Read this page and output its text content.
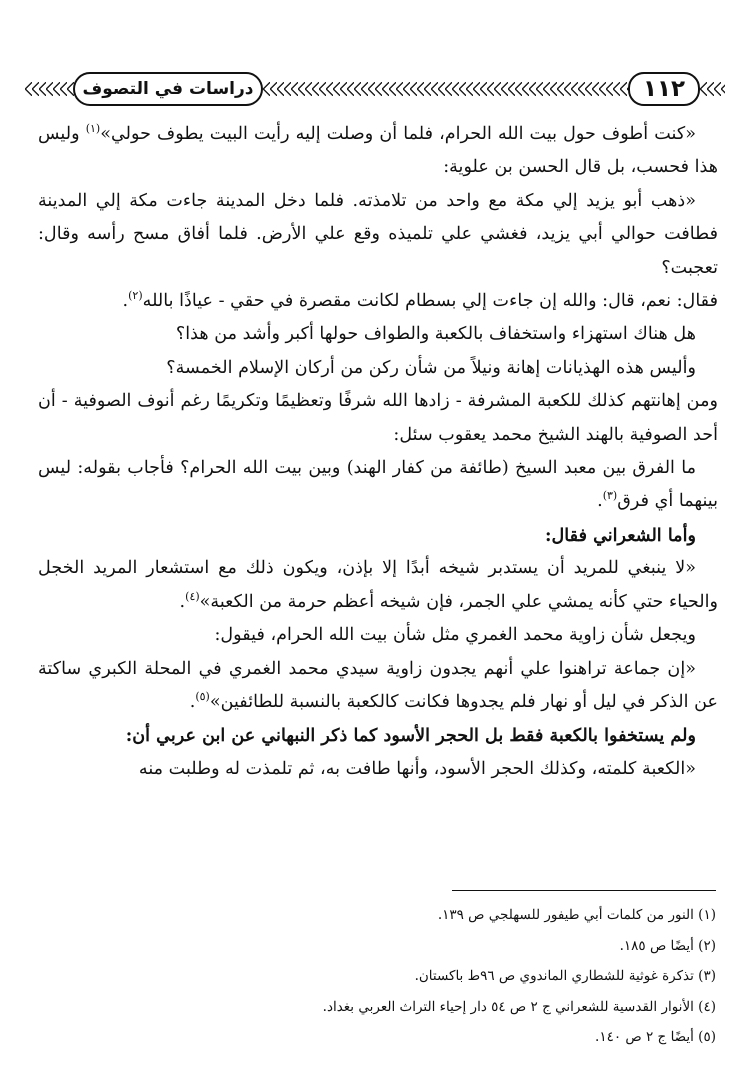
دراسات في التصوف	١١٢

«كنت أطوف حول بيت الله الحرام، فلما أن وصلت إليه رأيت البيت يطوف حولي»$^{(١)}$ وليس هذا فحسب، بل قال الحسن بن علوية:

«ذهب أبو يزيد إلي مكة مع واحد من تلامذته. فلما دخل المدينة جاءت مكة إلي المدينة فطافت حوالي أبي يزيد، فغشي علي تلميذه وقع علي الأرض. فلما أفاق مسح رأسه وقال: تعجبت؟

فقال: نعم، قال: والله إن جاءت إلي بسطام لكانت مقصرة في حقي - عياذًا بالله$^{(٢)}$.

هل هناك استهزاء واستخفاف بالكعبة والطواف حولها أكبر وأشد من هذا؟

وأليس هذه الهذيانات إهانة ونيلاً من شأن ركن من أركان الإسلام الخمسة؟

ومن إهانتهم كذلك للكعبة المشرفة - زادها الله شرفًا وتعظيمًا وتكريمًا رغم أنوف الصوفية - أن أحد الصوفية بالهند الشيخ محمد يعقوب سئل:

ما الفرق بين معبد السيخ (طائفة من كفار الهند) وبين بيت الله الحرام؟ فأجاب بقوله: ليس بينهما أي فرق$^{(٣)}$.

وأما الشعراني فقال:

«لا ينبغي للمريد أن يستدبر شيخه أبدًا إلا بإذن، ويكون ذلك مع استشعار المريد الخجل والحياء حتي كأنه يمشي علي الجمر، فإن شيخه أعظم حرمة من الكعبة»$^{(٤)}$.

ويجعل شأن زاوية محمد الغمري مثل شأن بيت الله الحرام، فيقول:

«إن جماعة تراهنوا علي أنهم يجدون زاوية سيدي محمد الغمري في المحلة الكبري ساكتة عن الذكر في ليل أو نهار فلم يجدوها فكانت كالكعبة بالنسبة للطائفين»$^{(٥)}$.

ولم يستخفوا بالكعبة فقط بل الحجر الأسود كما ذكر النبهاني عن ابن عربي أن:

«الكعبة كلمته، وكذلك الحجر الأسود، وأنها طافت به، ثم تلمذت له وطلبت منه

(١) النور من كلمات أبي طيفور للسهلجي ص ١٣٩.
(٢) أيضًا ص ١٨٥.
(٣) تذكرة غوثية للشطاري الماندوي ص ٩٦ط باكستان.
(٤) الأنوار القدسية للشعراني ج ٢ ص ٥٤ دار إحياء التراث العربي بغداد.
(٥) أيضًا ج ٢ ص ١٤٠.
